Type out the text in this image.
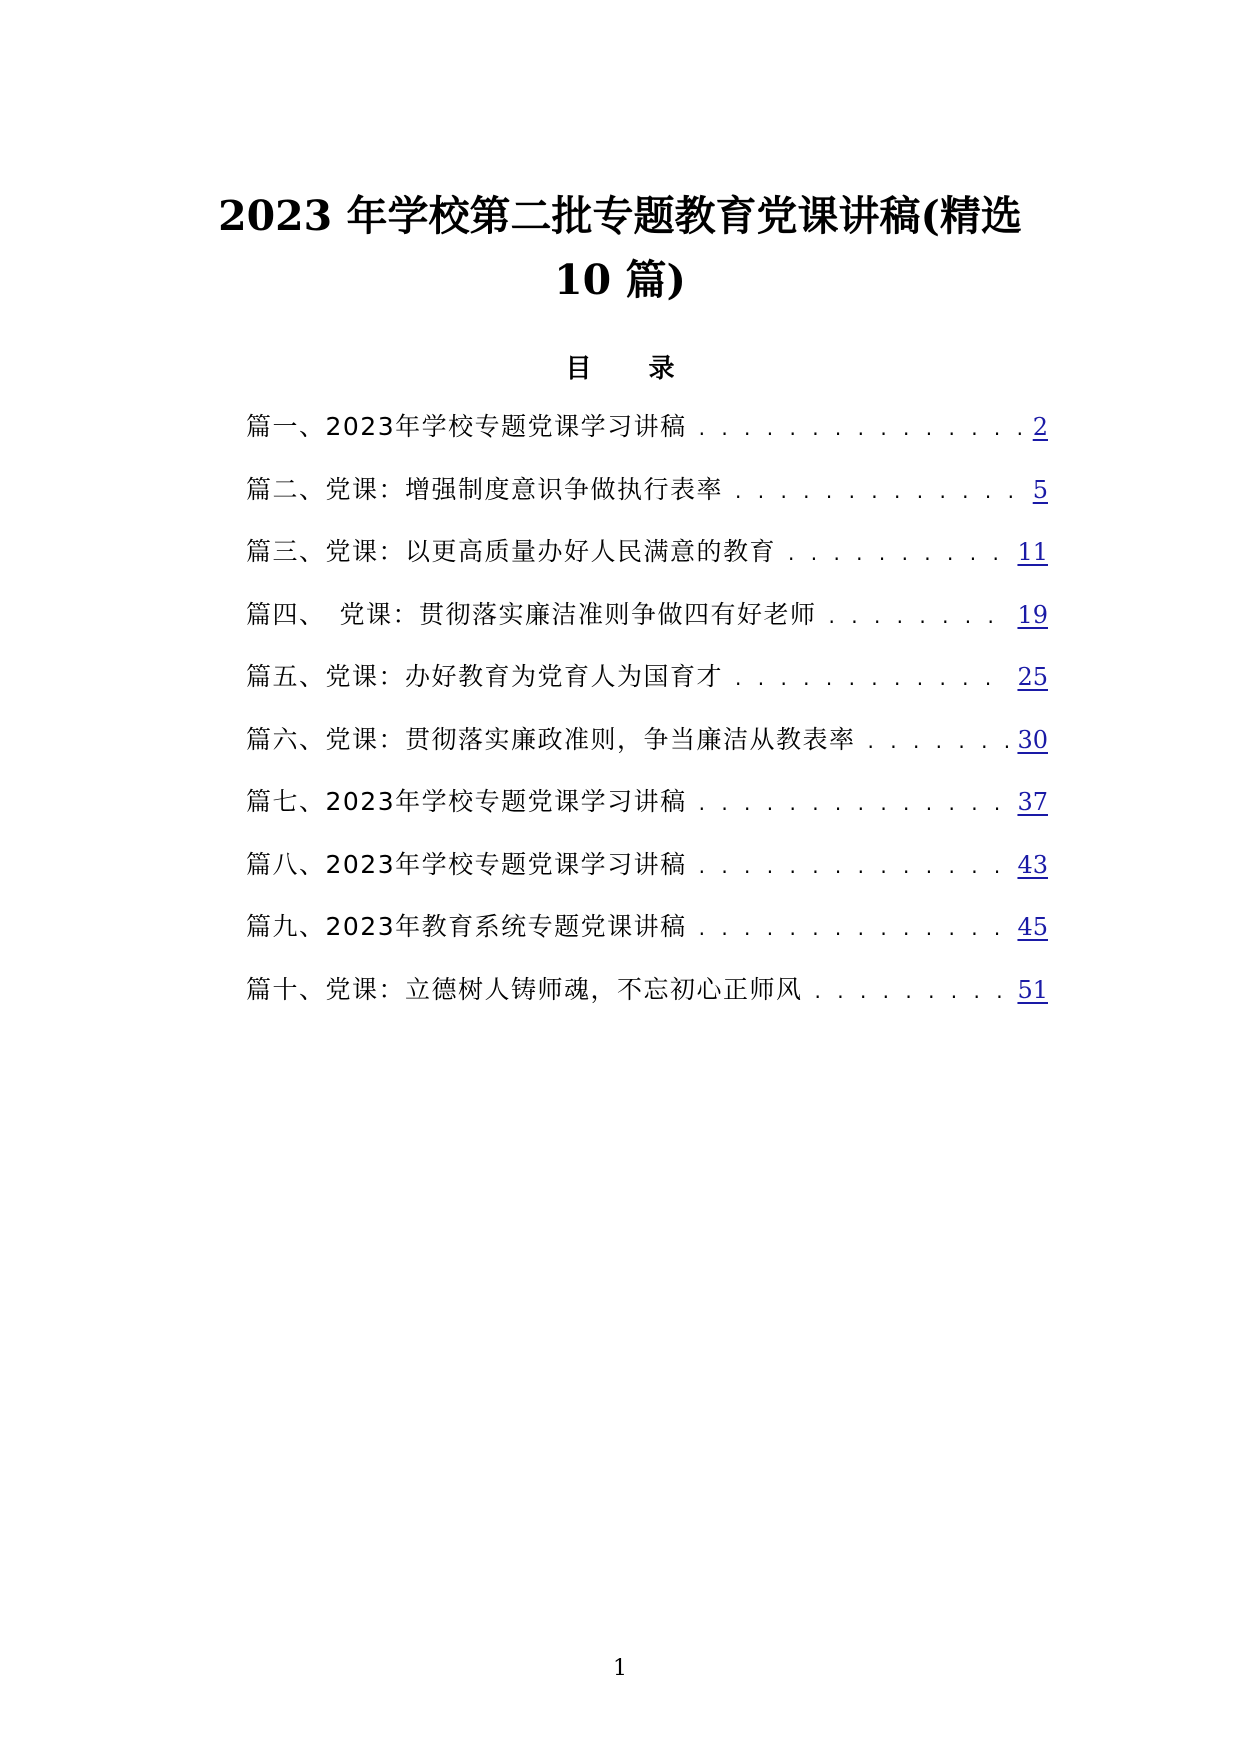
2023 年学校第二批专题教育党课讲稿(精选
10 篇)
目 录
篇一、2023年学校专题党课学习讲稿 . . .	2
篇二、党课：增强制度意识争做执行表率 . . .	5
篇三、党课：以更高质量办好人民满意的教育 . . .	11
篇四、　党课：贯彻落实廉洁准则争做四有好老师 . . .	19
篇五、党课：办好教育为党育人为国育才 . . .	25
篇六、党课：贯彻落实廉政准则，争当廉洁从教表率 . . .	30
篇七、2023年学校专题党课学习讲稿 . . .	37
篇八、2023年学校专题党课学习讲稿 . . .	43
篇九、2023年教育系统专题党课讲稿 . . .	45
篇十、党课：立德树人铸师魂，不忘初心正师风 . . .	51

1
